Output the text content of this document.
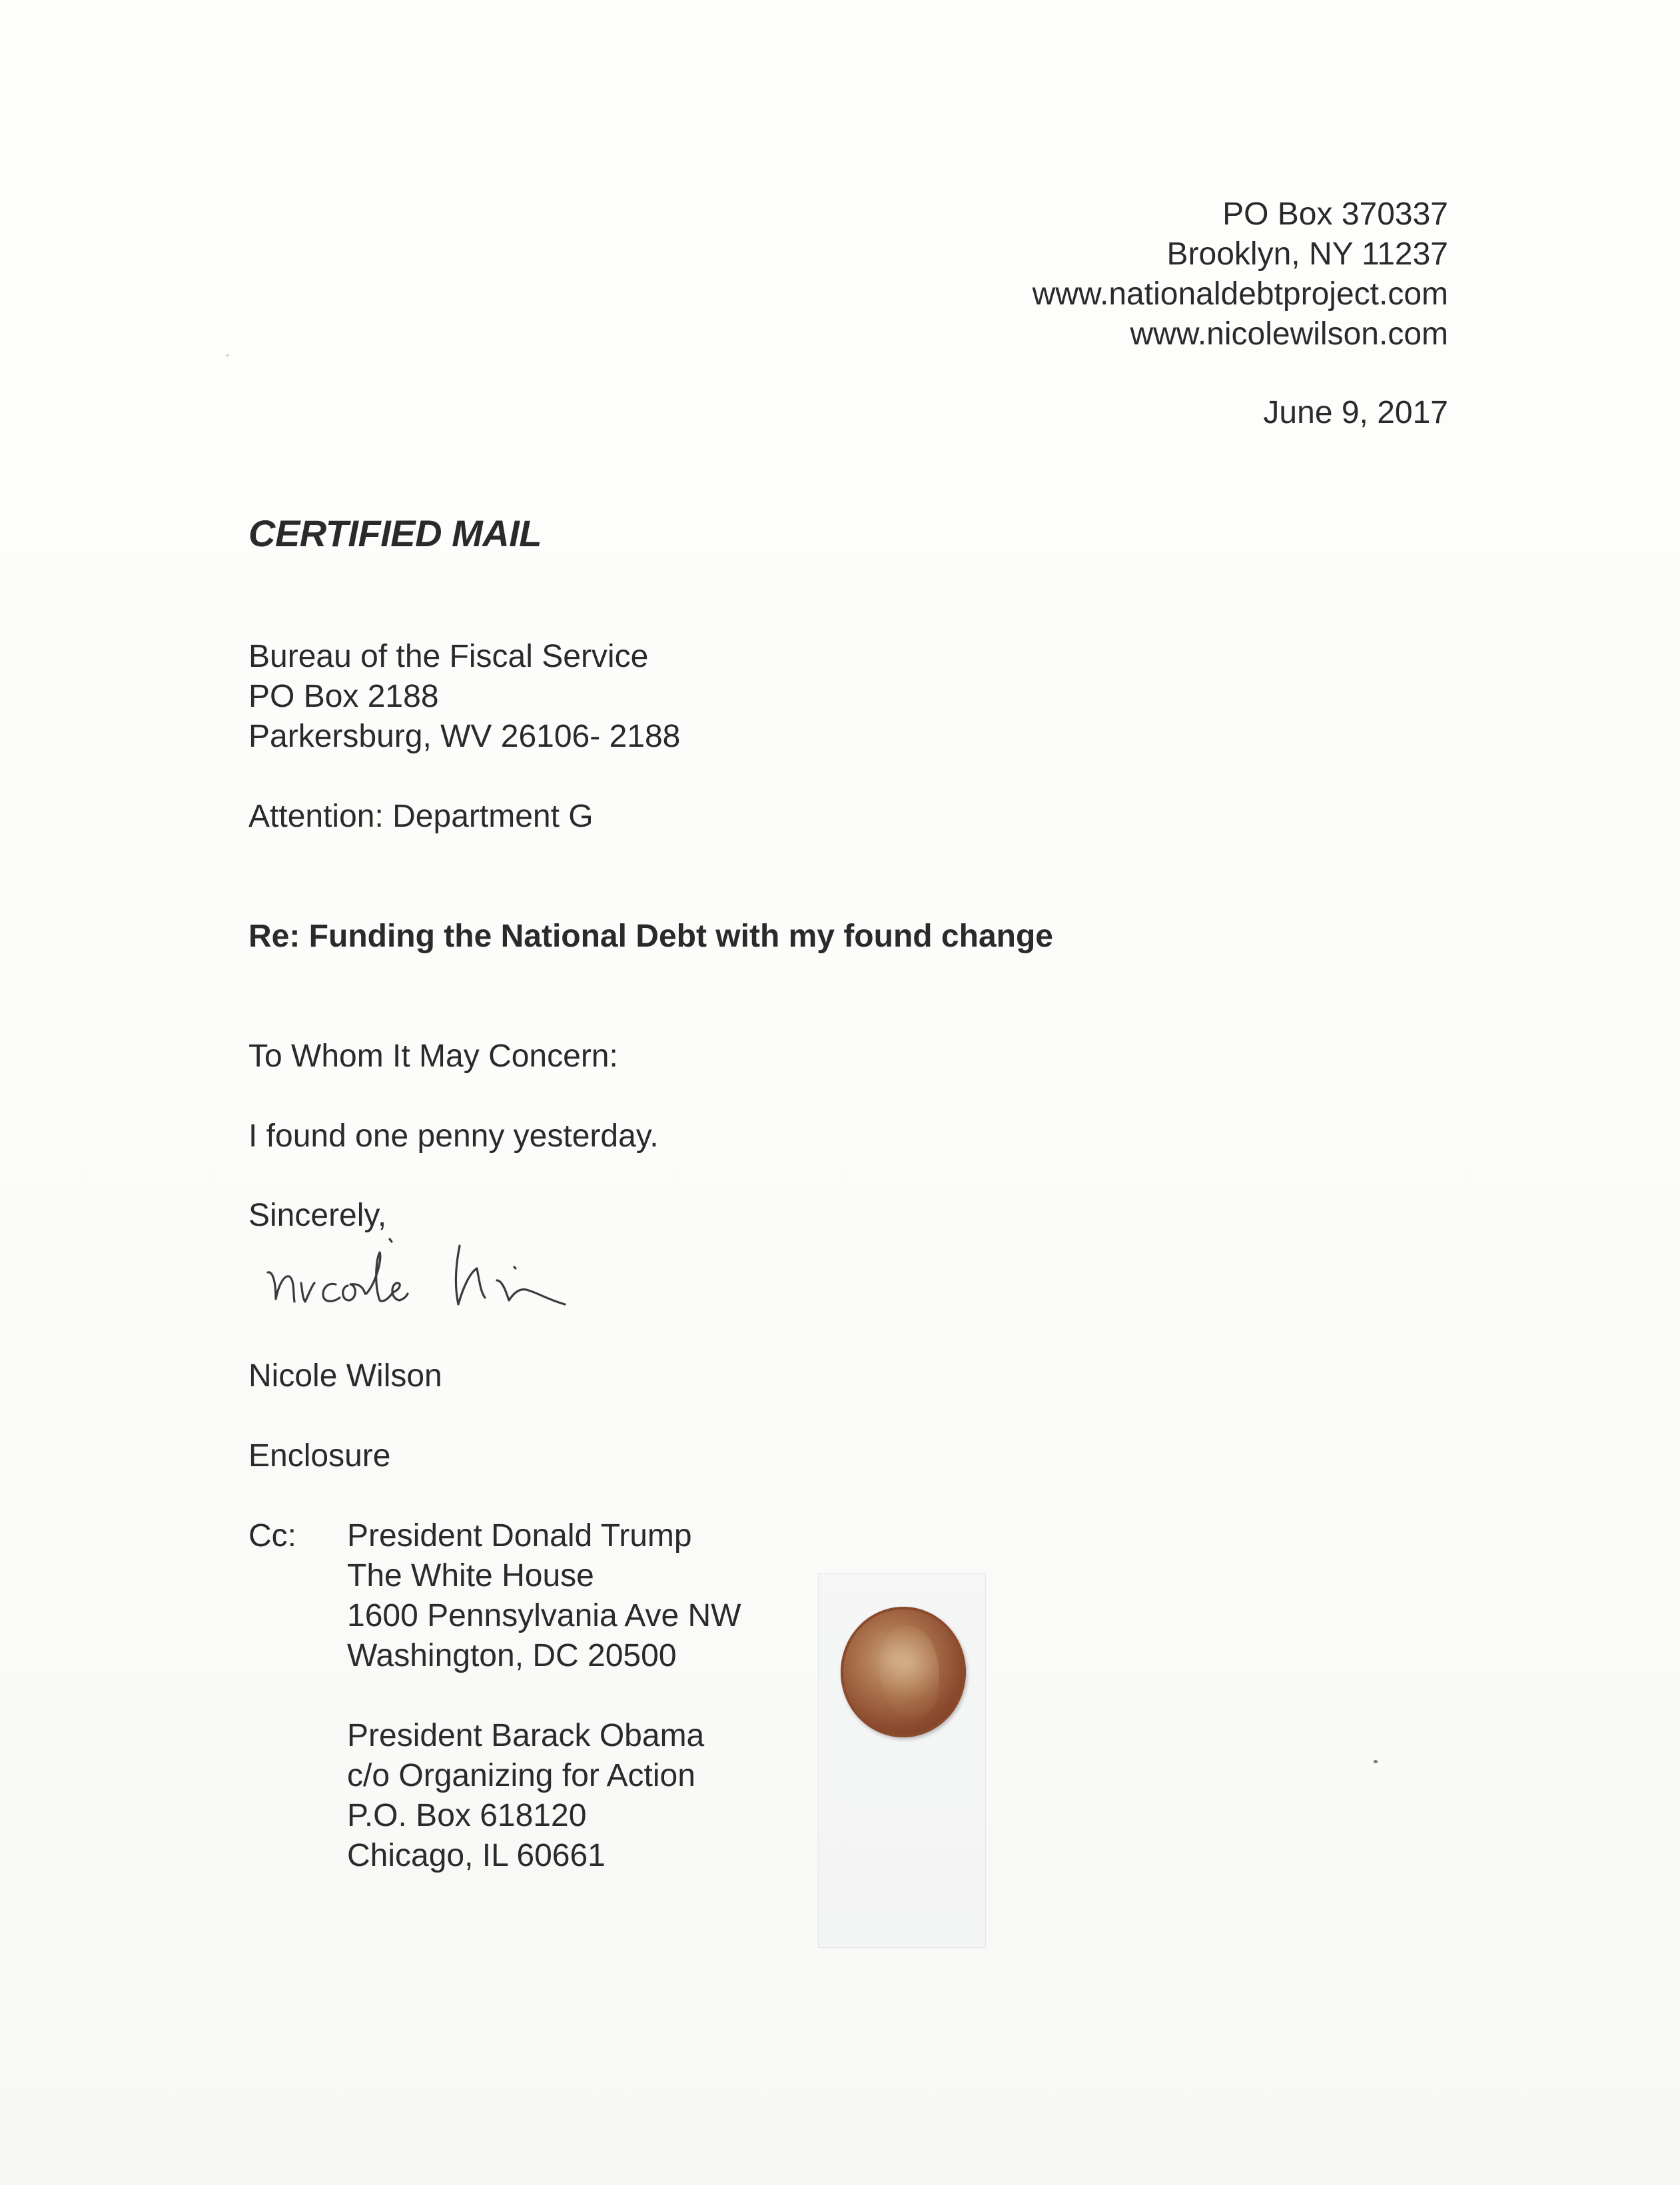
PO Box 370337
Brooklyn, NY 11237
www.nationaldebtproject.com
www.nicolewilson.com
June 9, 2017
CERTIFIED MAIL
Bureau of the Fiscal Service
PO Box 2188
Parkersburg, WV 26106- 2188
Attention: Department G
Re: Funding the National Debt with my found change
To Whom It May Concern:
I found one penny yesterday.
Sincerely,
Nicole Wilson
Enclosure
Cc: President Donald Trump
The White House
1600 Pennsylvania Ave NW
Washington, DC 20500
President Barack Obama
c/o Organizing for Action
P.O. Box 618120
Chicago, IL 60661
